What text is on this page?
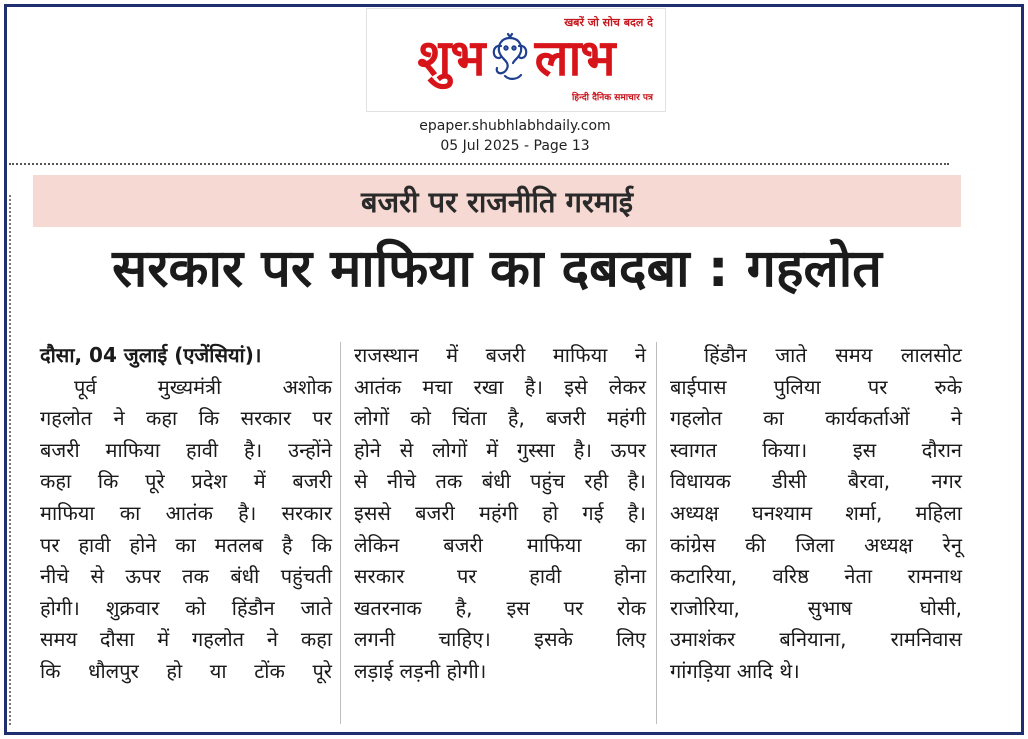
खबरें जो सोच बदल दे
शुभ लाभ
हिन्दी दैनिक समाचार पत्र
epaper.shubhlabhdaily.com
05 Jul 2025 - Page 13
बजरी पर राजनीति गरमाई
सरकार पर माफिया का दबदबा : गहलोत
दौसा, 04 जुलाई (एजेंसियां)।
पूर्व मुख्यमंत्री अशोक
गहलोत ने कहा कि सरकार पर
बजरी माफिया हावी है। उन्होंने
कहा कि पूरे प्रदेश में बजरी
माफिया का आतंक है। सरकार
पर हावी होने का मतलब है कि
नीचे से ऊपर तक बंधी पहुंचती
होगी। शुक्रवार को हिंडौन जाते
समय दौसा में गहलोत ने कहा
कि धौलपुर हो या टोंक पूरे
राजस्थान में बजरी माफिया ने
आतंक मचा रखा है। इसे लेकर
लोगों को चिंता है, बजरी महंगी
होने से लोगों में गुस्सा है। ऊपर
से नीचे तक बंधी पहुंच रही है।
इससे बजरी महंगी हो गई है।
लेकिन बजरी माफिया का
सरकार पर हावी होना
खतरनाक है, इस पर रोक
लगनी चाहिए। इसके लिए
लड़ाई लड़नी होगी।
हिंडौन जाते समय लालसोट
बाईपास पुलिया पर रुके
गहलोत का कार्यकर्ताओं ने
स्वागत किया। इस दौरान
विधायक डीसी बैरवा, नगर
अध्यक्ष घनश्याम शर्मा, महिला
कांग्रेस की जिला अध्यक्ष रेनू
कटारिया, वरिष्ठ नेता रामनाथ
राजोरिया, सुभाष घोसी,
उमाशंकर बनियाना, रामनिवास
गांगड़िया आदि थे।
